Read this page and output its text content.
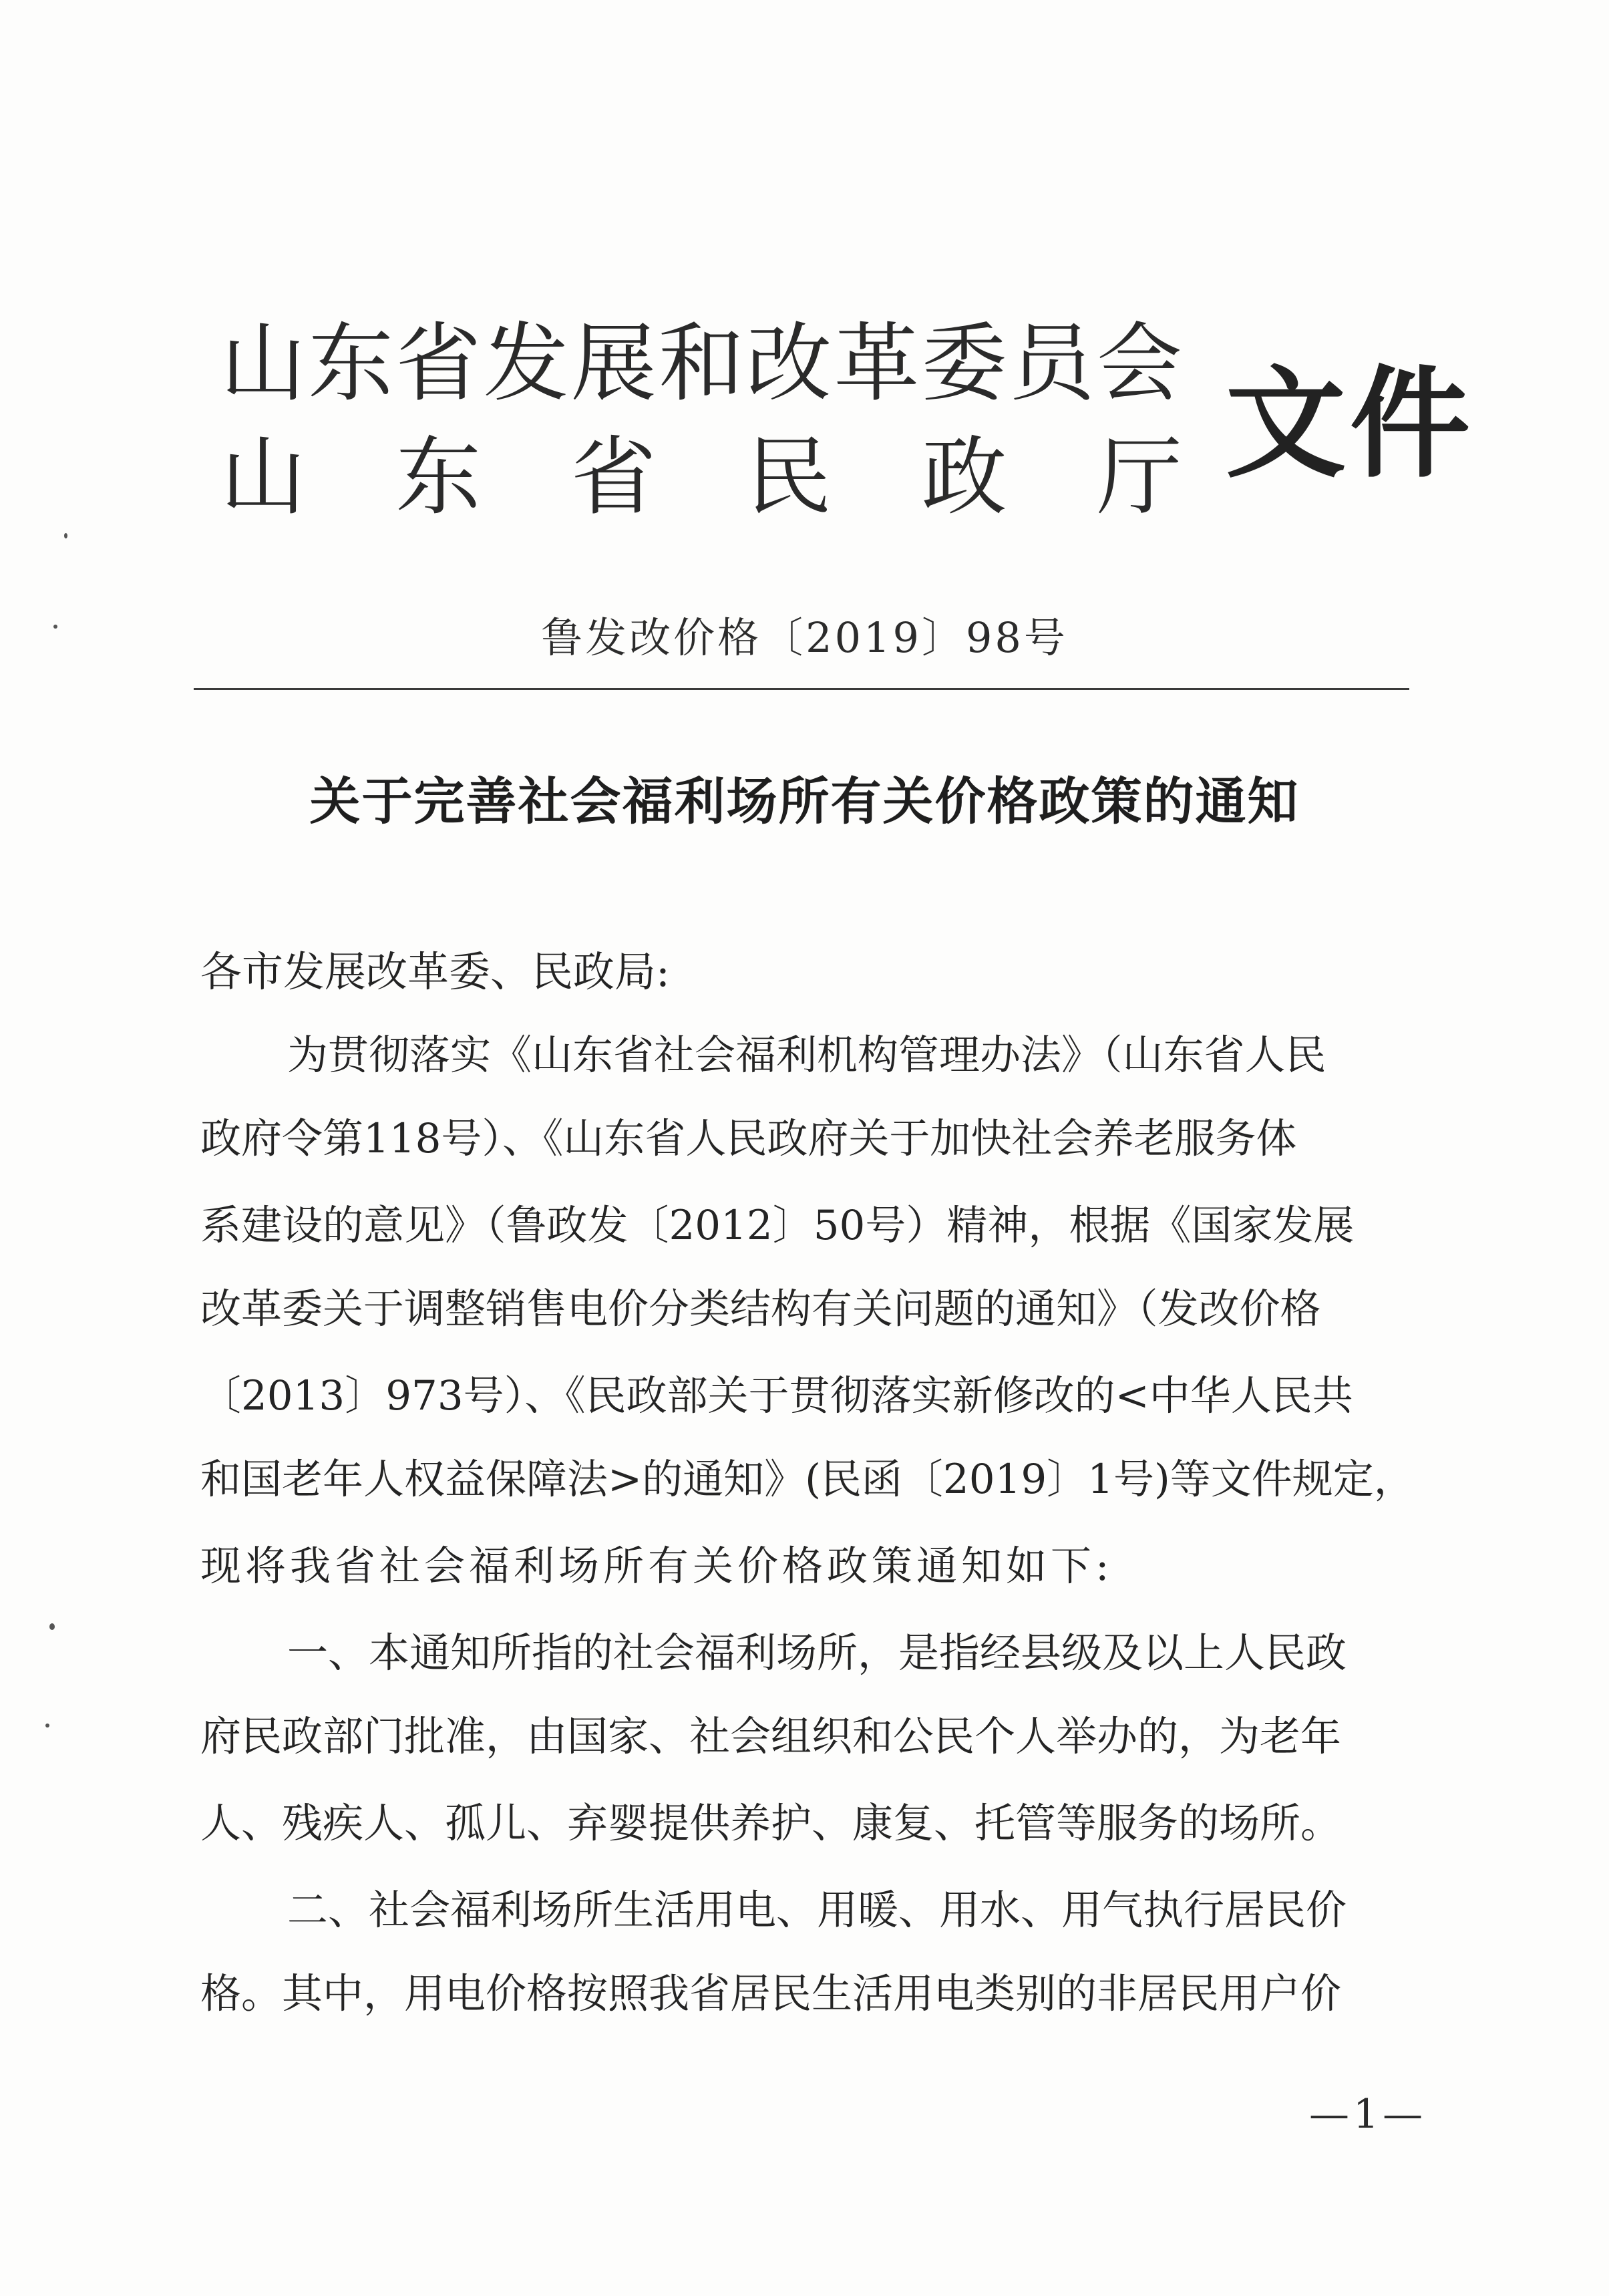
山 东 省 发 展 和 改 革 委 员 会
山 东 省 民 政 厅 文件
鲁发改价格〔2019〕98号
关于完善社会福利场所有关价格政策的通知
各市发展改革委、民政局:
为贯彻落实《山东省社会福利机构管理办法》（山东省人民
政府令第118号）、《山东省人民政府关于加快社会养老服务体
系建设的意见》（鲁政发〔2012〕50号）精神，根据《国家发展
改革委关于调整销售电价分类结构有关问题的通知》（发改价格
〔2013〕973号）、《民政部关于贯彻落实新修改的<中华人民共
和国老年人权益保障法>的通知》(民函〔2019〕1号)等文件规定，
现将我省社会福利场所有关价格政策通知如下:
一、本通知所指的社会福利场所，是指经县级及以上人民政
府民政部门批准，由国家、社会组织和公民个人举办的，为老年
人、残疾人、孤儿、弃婴提供养护、康复、托管等服务的场所。
二、社会福利场所生活用电、用暖、用水、用气执行居民价
格。其中，用电价格按照我省居民生活用电类别的非居民用户价
—1—
